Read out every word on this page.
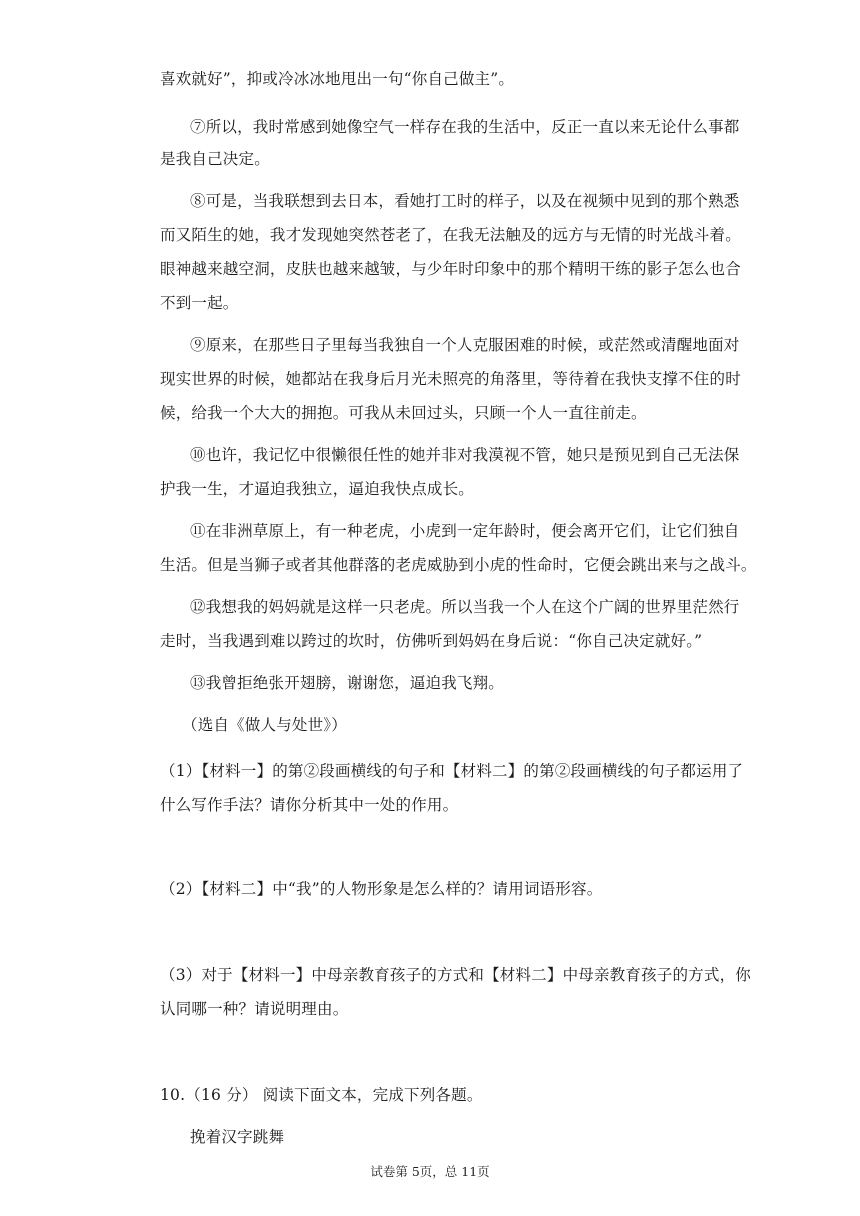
喜欢就好”，抑或冷冰冰地甩出一句“你自己做主”。
⑦所以，我时常感到她像空气一样存在我的生活中，反正一直以来无论什么事都
是我自己决定。
⑧可是，当我联想到去日本，看她打工时的样子，以及在视频中见到的那个熟悉
而又陌生的她，我才发现她突然苍老了，在我无法触及的远方与无情的时光战斗着。
眼神越来越空洞，皮肤也越来越皱，与少年时印象中的那个精明干练的影子怎么也合
不到一起。
⑨原来，在那些日子里每当我独自一个人克服困难的时候，或茫然或清醒地面对
现实世界的时候，她都站在我身后月光未照亮的角落里，等待着在我快支撑不住的时
候，给我一个大大的拥抱。可我从未回过头，只顾一个人一直往前走。
⑩也许，我记忆中很懒很任性的她并非对我漠视不管，她只是预见到自己无法保
护我一生，才逼迫我独立，逼迫我快点成长。
⑪在非洲草原上，有一种老虎，小虎到一定年龄时，便会离开它们，让它们独自
生活。但是当狮子或者其他群落的老虎威胁到小虎的性命时，它便会跳出来与之战斗。
⑫我想我的妈妈就是这样一只老虎。所以当我一个人在这个广阔的世界里茫然行
走时，当我遇到难以跨过的坎时，仿佛听到妈妈在身后说：“你自己决定就好。”
⑬我曾拒绝张开翅膀，谢谢您，逼迫我飞翔。
（选自《做人与处世》）
（1）【材料一】的第②段画横线的句子和【材料二】的第②段画横线的句子都运用了
什么写作手法？请你分析其中一处的作用。
（2）【材料二】中“我”的人物形象是怎么样的？请用词语形容。
（3）对于【材料一】中母亲教育孩子的方式和【材料二】中母亲教育孩子的方式，你
认同哪一种？请说明理由。
10.（16 分） 阅读下面文本，完成下列各题。
挽着汉字跳舞
试卷第 5页，总 11页
